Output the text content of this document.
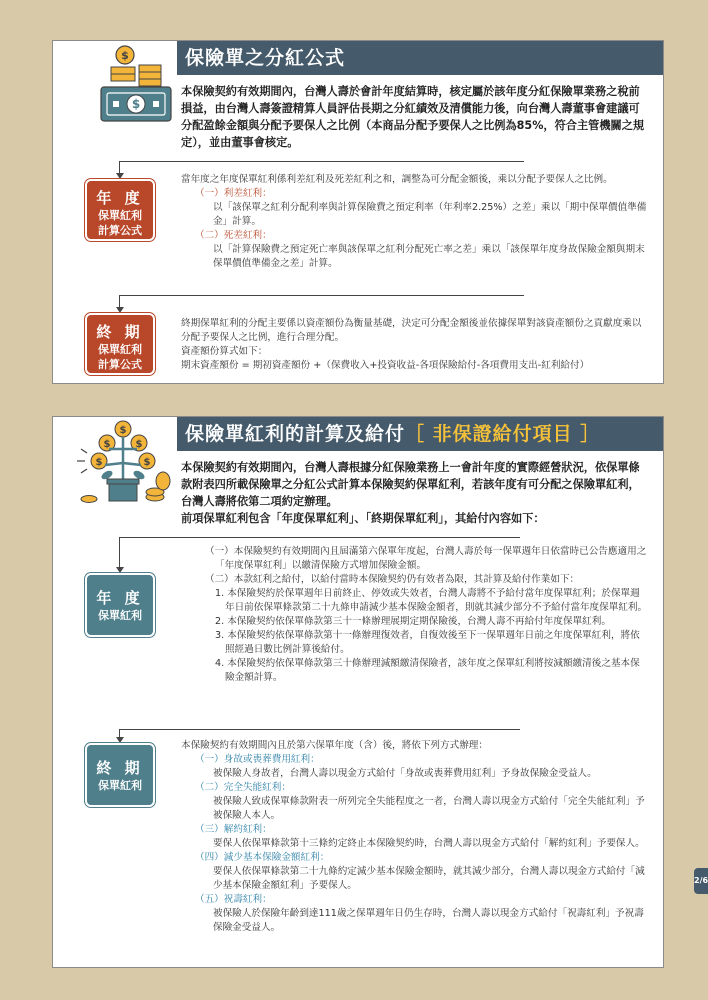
$
$
保險單之分紅公式
本保險契約有效期間內，台灣人壽於會計年度結算時，核定屬於該年度分紅保險單業務之稅前損益，由台灣人壽簽證精算人員評估長期之分紅績效及清償能力後，向台灣人壽董事會建議可分配盈餘金額與分配予要保人之比例（本商品分配予要保人之比例為85%，符合主管機關之規定），並由董事會核定。
年 度
保單紅利
計算公式
當年度之年度保單紅利係利差紅利及死差紅利之和，調整為可分配金額後，乘以分配予要保人之比例。
（一）利差紅利：
以「該保單之紅利分配利率與計算保險費之預定利率（年利率2.25%）之差」乘以「期中保單價值準備金」計算。
（二）死差紅利：
以「計算保險費之預定死亡率與該保單之紅利分配死亡率之差」乘以「該保單年度身故保險金額與期末保單價值準備金之差」計算。
終 期
保單紅利
計算公式
終期保單紅利的分配主要係以資產額份為衡量基礎，決定可分配金額後並依據保單對該資產額份之貢獻度乘以分配予要保人之比例，進行合理分配。
資產額份算式如下：
期末資產額份 = 期初資產額份 +（保費收入+投資收益-各項保險給付-各項費用支出-紅利給付）
$
$	$
$	$
保險單紅利的計算及給付［ 非保證給付項目 ］
本保險契約有效期間內，台灣人壽根據分紅保險業務上一會計年度的實際經營狀況，依保單條款附表四所載保險單之分紅公式計算本保險契約保單紅利，若該年度有可分配之保險單紅利，台灣人壽將依第二項約定辦理。
前項保單紅利包含「年度保單紅利」、「終期保單紅利」，其給付內容如下：
年 度
保單紅利
（一）本保險契約有效期間內且屆滿第六保單年度起，台灣人壽於每一保單週年日依當時已公告應適用之「年度保單紅利」以繳清保險方式增加保險金額。
（二）本款紅利之給付，以給付當時本保險契約仍有效者為限，其計算及給付作業如下：
1. 本保險契約於保單週年日前終止、停效或失效者，台灣人壽將不予給付當年度保單紅利；於保單週年日前依保單條款第二十九條申請減少基本保險金額者，則就其減少部分不予給付當年度保單紅利。
2. 本保險契約依保單條款第三十一條辦理展期定期保險後，台灣人壽不再給付年度保單紅利。
3. 本保險契約依保單條款第十一條辦理復效者，自復效後至下一保單週年日前之年度保單紅利，將依照經過日數比例計算後給付。
4. 本保險契約依保單條款第三十條辦理減額繳清保險者，該年度之保單紅利將按減額繳清後之基本保險金額計算。
終 期
保單紅利
本保險契約有效期間內且於第六保單年度（含）後，將依下列方式辦理：
（一）身故或喪葬費用紅利：
被保險人身故者，台灣人壽以現金方式給付「身故或喪葬費用紅利」予身故保險金受益人。
（二）完全失能紅利：
被保險人致成保單條款附表一所列完全失能程度之一者，台灣人壽以現金方式給付「完全失能紅利」予被保險人本人。
（三）解約紅利：
要保人依保單條款第十三條約定終止本保險契約時，台灣人壽以現金方式給付「解約紅利」予要保人。
（四）減少基本保險金額紅利：
要保人依保單條款第二十九條約定減少基本保險金額時，就其減少部分，台灣人壽以現金方式給付「減少基本保險金額紅利」予要保人。
（五）祝壽紅利：
被保險人於保險年齡到達111歲之保單週年日仍生存時，台灣人壽以現金方式給付「祝壽紅利」予祝壽保險金受益人。
2/6
